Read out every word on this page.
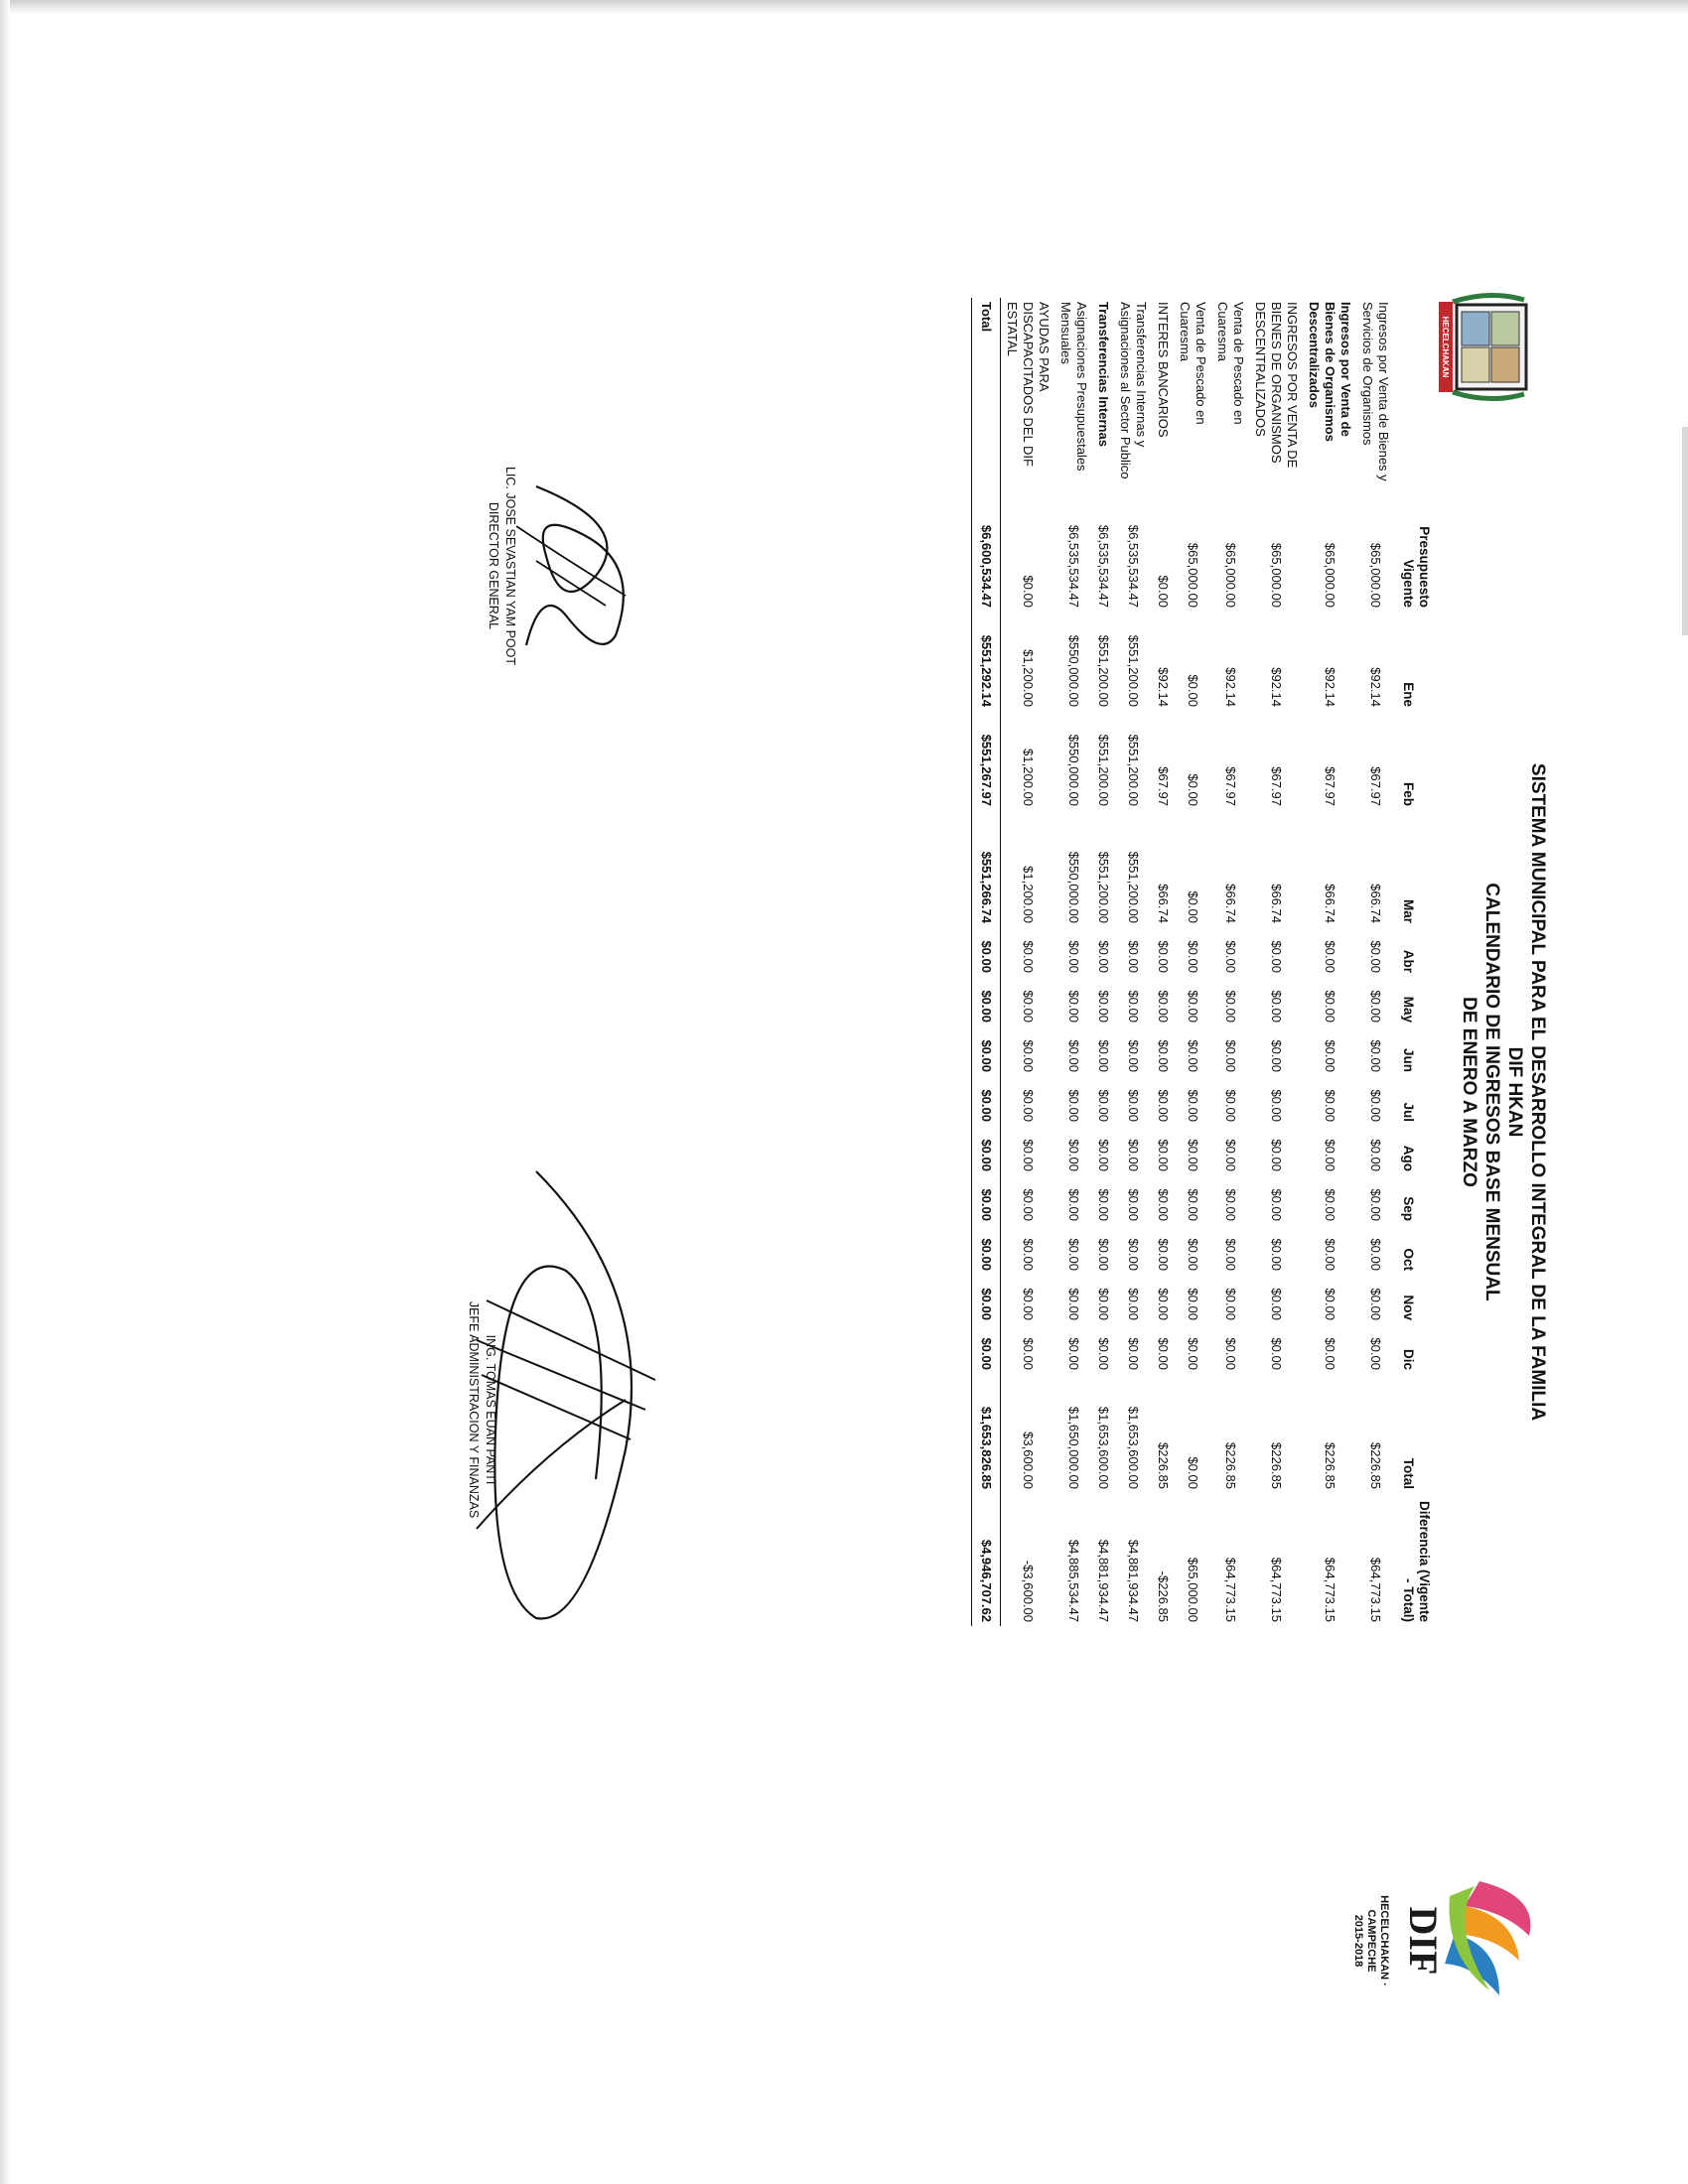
HECELCHAKAN
DIF
HECELCHAKAN · CAMPECHE
2015-2018
SISTEMA MUNICIPAL PARA EL DESARROLLO INTEGRAL DE LA FAMILIA
DIF HKAN
CALENDARIO DE INGRESOS BASE MENSUAL
DE ENERO A MARZO
	Presupuesto Vigente	Ene	Feb	Mar	Abr	May	Jun	Jul	Ago	Sep	Oct	Nov	Dic	Total	Diferencia (Vigente - Total)
Ingresos por Venta de Bienes y Servicios de Organismos	$65,000.00	$92.14	$67.97	$66.74	$0.00	$0.00	$0.00	$0.00	$0.00	$0.00	$0.00	$0.00	$0.00	$226.85	$64,773.15
Ingresos por Venta de Bienes de Organismos Descentralizados	$65,000.00	$92.14	$67.97	$66.74	$0.00	$0.00	$0.00	$0.00	$0.00	$0.00	$0.00	$0.00	$0.00	$226.85	$64,773.15
INGRESOS POR VENTA DE BIENES DE ORGANISMOS DESCENTRALIZADOS	$65,000.00	$92.14	$67.97	$66.74	$0.00	$0.00	$0.00	$0.00	$0.00	$0.00	$0.00	$0.00	$0.00	$226.85	$64,773.15
Venta de Pescado en Cuaresma	$65,000.00	$92.14	$67.97	$66.74	$0.00	$0.00	$0.00	$0.00	$0.00	$0.00	$0.00	$0.00	$0.00	$226.85	$64,773.15
Venta de Pescado en Cuaresma	$65,000.00	$0.00	$0.00	$0.00	$0.00	$0.00	$0.00	$0.00	$0.00	$0.00	$0.00	$0.00	$0.00	$0.00	$65,000.00
INTERES BANCARIOS	$0.00	$92.14	$67.97	$66.74	$0.00	$0.00	$0.00	$0.00	$0.00	$0.00	$0.00	$0.00	$0.00	$226.85	-$226.85
Transferencias Internas y Asignaciones al Sector Publico	$6,535,534.47	$551,200.00	$551,200.00	$551,200.00	$0.00	$0.00	$0.00	$0.00	$0.00	$0.00	$0.00	$0.00	$0.00	$1,653,600.00	$4,881,934.47
Transferencias Internas	$6,535,534.47	$551,200.00	$551,200.00	$551,200.00	$0.00	$0.00	$0.00	$0.00	$0.00	$0.00	$0.00	$0.00	$0.00	$1,653,600.00	$4,881,934.47
Asignaciones Presupuestales Mensuales	$6,535,534.47	$550,000.00	$550,000.00	$550,000.00	$0.00	$0.00	$0.00	$0.00	$0.00	$0.00	$0.00	$0.00	$0.00	$1,650,000.00	$4,885,534.47
AYUDAS PARA DISCAPACITADOS DEL DIF ESTATAL	$0.00	$1,200.00	$1,200.00	$1,200.00	$0.00	$0.00	$0.00	$0.00	$0.00	$0.00	$0.00	$0.00	$0.00	$3,600.00	-$3,600.00
Total	$6,600,534.47	$551,292.14	$551,267.97	$551,266.74	$0.00	$0.00	$0.00	$0.00	$0.00	$0.00	$0.00	$0.00	$0.00	$1,653,826.85	$4,946,707.62
LIC. JOSE SEVASTIAN YAM POOT
DIRECTOR GENERAL
ING. TOMAS EUAN PANTI
JEFE ADMINISTRACION Y FINANZAS
